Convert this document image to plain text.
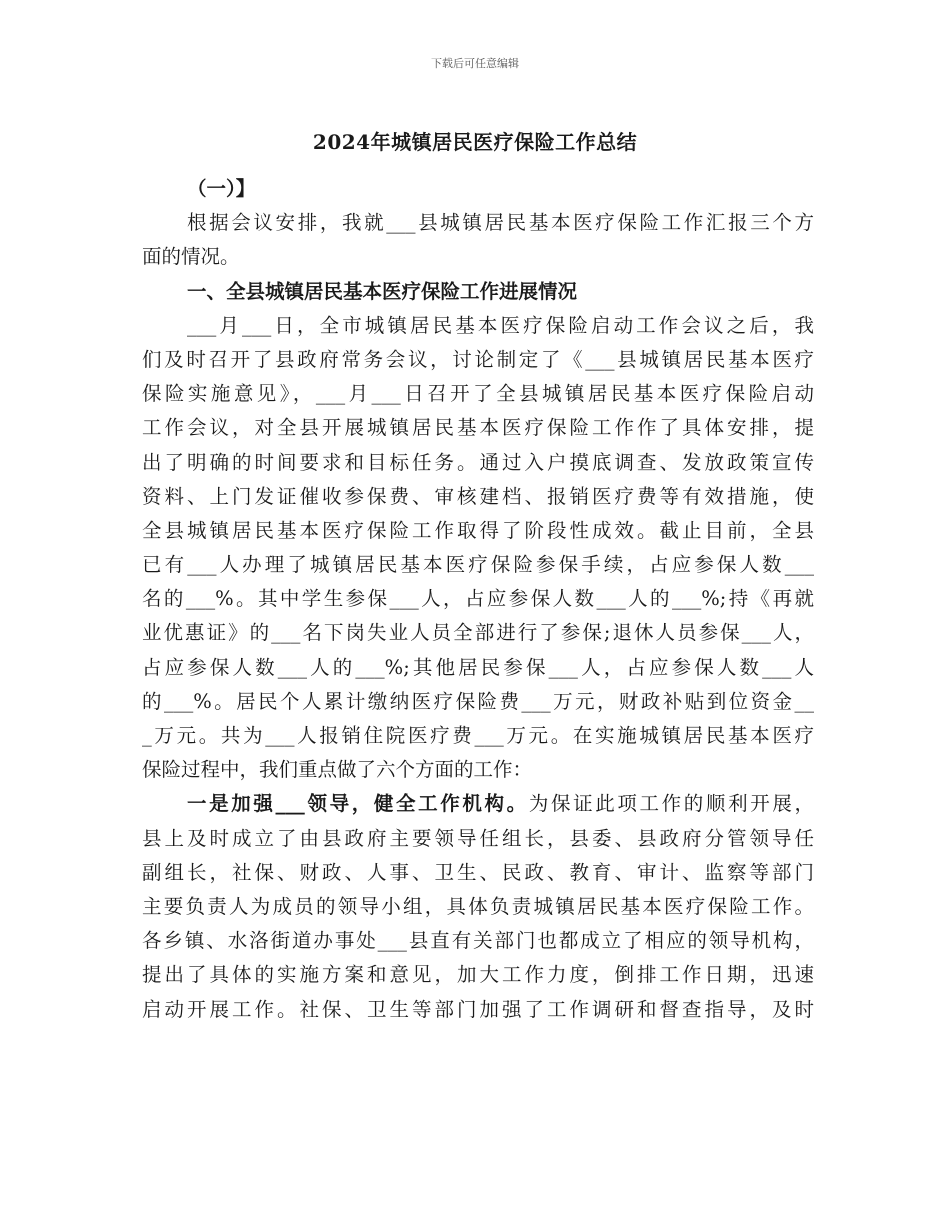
下载后可任意编辑
2024年城镇居民医疗保险工作总结
（一）】
根据会议安排，我就___县城镇居民基本医疗保险工作汇报三个方
面的情况。
一、全县城镇居民基本医疗保险工作进展情况
___月___日，全市城镇居民基本医疗保险启动工作会议之后，我
们及时召开了县政府常务会议，讨论制定了《___县城镇居民基本医疗
保险实施意见》，___月___日召开了全县城镇居民基本医疗保险启动
工作会议，对全县开展城镇居民基本医疗保险工作作了具体安排，提
出了明确的时间要求和目标任务。通过入户摸底调查、发放政策宣传
资料、上门发证催收参保费、审核建档、报销医疗费等有效措施，使
全县城镇居民基本医疗保险工作取得了阶段性成效。截止目前，全县
已有___人办理了城镇居民基本医疗保险参保手续，占应参保人数___
名的___%。其中学生参保___人，占应参保人数___人的___%;持《再就
业优惠证》的___名下岗失业人员全部进行了参保;退休人员参保___人，
占应参保人数___人的___%;其他居民参保___人，占应参保人数___人
的___%。居民个人累计缴纳医疗保险费___万元，财政补贴到位资金__
_万元。共为___人报销住院医疗费___万元。在实施城镇居民基本医疗
保险过程中，我们重点做了六个方面的工作：
一是加强___领导，健全工作机构。为保证此项工作的顺利开展，
县上及时成立了由县政府主要领导任组长，县委、县政府分管领导任
副组长，社保、财政、人事、卫生、民政、教育、审计、监察等部门
主要负责人为成员的领导小组，具体负责城镇居民基本医疗保险工作。
各乡镇、水洛街道办事处___县直有关部门也都成立了相应的领导机构，
提出了具体的实施方案和意见，加大工作力度，倒排工作日期，迅速
启动开展工作。社保、卫生等部门加强了工作调研和督查指导，及时
